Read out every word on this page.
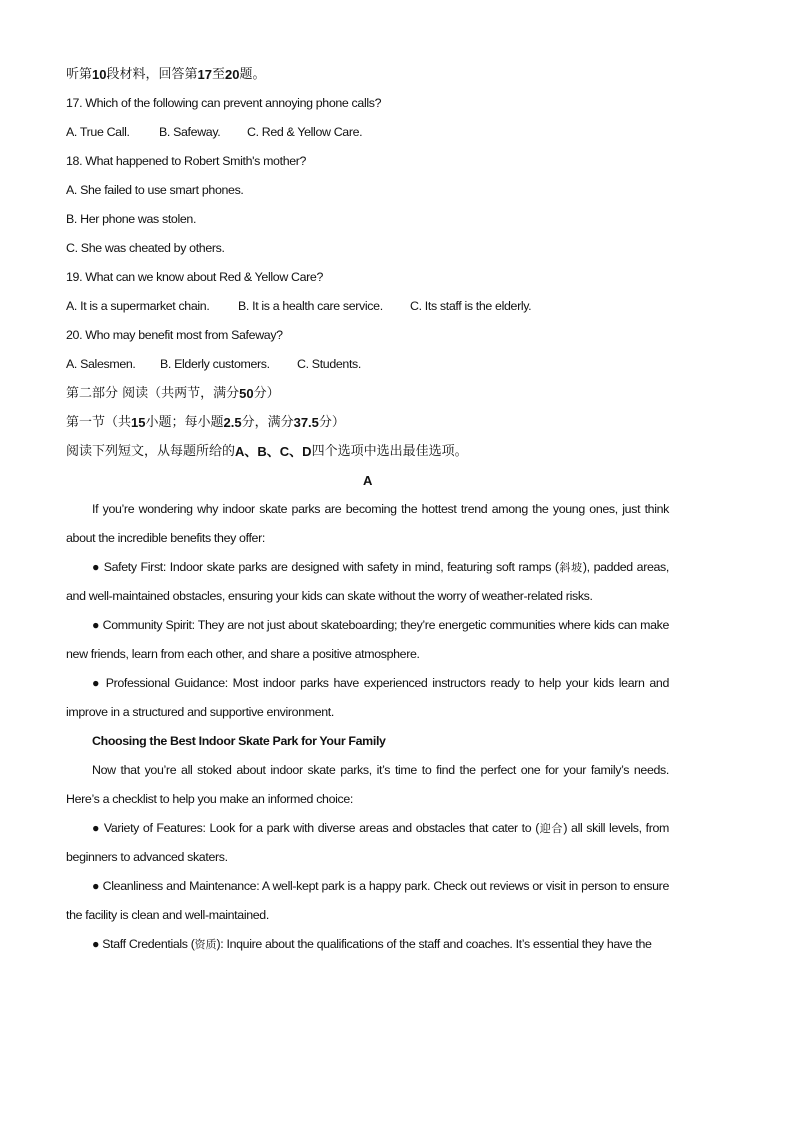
听第 10 段材料，回答第 17 至 20 题。
17. Which of the following can prevent annoying phone calls?
A. True Call.	B. Safeway.	C. Red & Yellow Care.
18. What happened to Robert Smith's mother?
A. She failed to use smart phones.
B. Her phone was stolen.
C. She was cheated by others.
19. What can we know about Red & Yellow Care?
A. It is a supermarket chain.	B. It is a health care service.	C. Its staff is the elderly.
20. Who may benefit most from Safeway?
A. Salesmen.	B. Elderly customers.	C. Students.
第二部分 阅读（共两节，满分 50 分）
第一节（共 15 小题；每小题 2.5 分，满分 37.5 分）
阅读下列短文，从每题所给的 A、B、C、D 四个选项中选出最佳选项。
A

If you’re wondering why indoor skate parks are becoming the hottest trend among the young ones, just think about the incredible benefits they offer:

● Safety First: Indoor skate parks are designed with safety in mind, featuring soft ramps (斜坡), padded areas, and well-maintained obstacles, ensuring your kids can skate without the worry of weather-related risks.

● Community Spirit: They are not just about skateboarding; they’re energetic communities where kids can make new friends, learn from each other, and share a positive atmosphere.

● Professional Guidance: Most indoor parks have experienced instructors ready to help your kids learn and improve in a structured and supportive environment.

Choosing the Best Indoor Skate Park for Your Family

Now that you’re all stoked about indoor skate parks, it’s time to find the perfect one for your family’s needs. Here’s a checklist to help you make an informed choice:

● Variety of Features: Look for a park with diverse areas and obstacles that cater to (迎合) all skill levels, from beginners to advanced skaters.

● Cleanliness and Maintenance: A well-kept park is a happy park. Check out reviews or visit in person to ensure the facility is clean and well-maintained.

● Staff Credentials (资质): Inquire about the qualifications of the staff and coaches. It’s essential they have the
